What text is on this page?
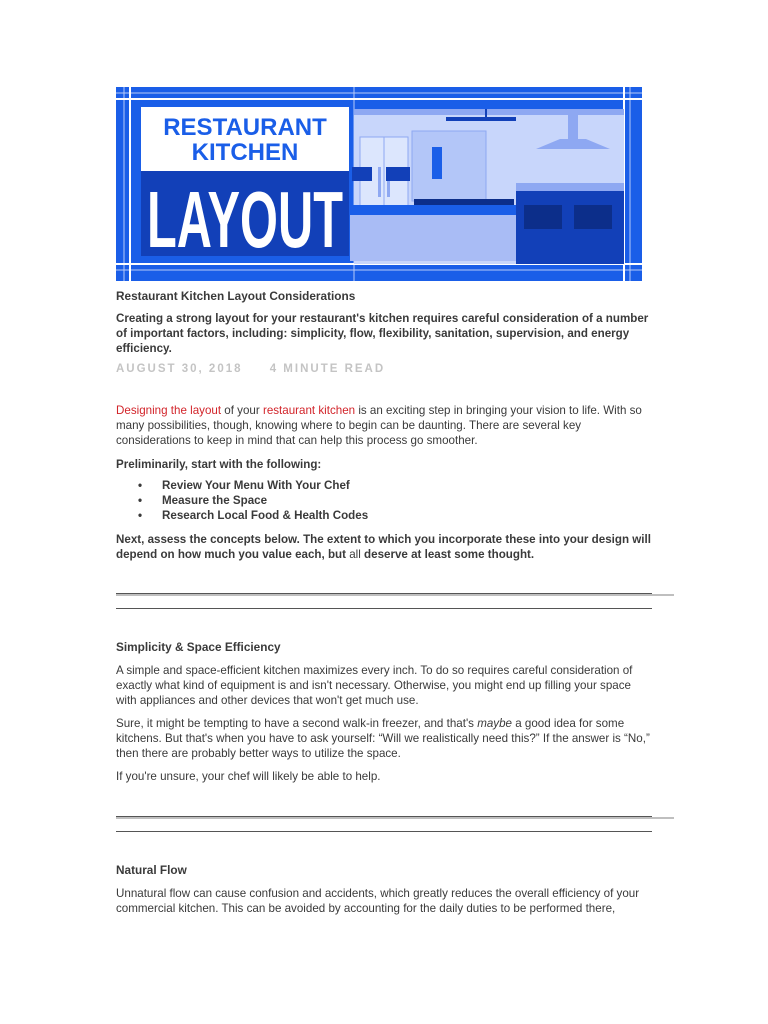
RESTAURANT
KITCHEN
LAYOUT
Restaurant Kitchen Layout Considerations
Creating a strong layout for your restaurant's kitchen requires careful consideration of a number of important factors, including: simplicity, flow, flexibility, sanitation, supervision, and energy efficiency.
AUGUST 30, 2018 4 MINUTE READ
Designing the layout of your restaurant kitchen is an exciting step in bringing your vision to life. With so many possibilities, though, knowing where to begin can be daunting. There are several key considerations to keep in mind that can help this process go smoother.
Preliminarily, start with the following:
• Review Your Menu With Your Chef
• Measure the Space
• Research Local Food & Health Codes
Next, assess the concepts below. The extent to which you incorporate these into your design will depend on how much you value each, but all deserve at least some thought.
Simplicity & Space Efficiency
A simple and space-efficient kitchen maximizes every inch. To do so requires careful consideration of exactly what kind of equipment is and isn't necessary. Otherwise, you might end up filling your space with appliances and other devices that won't get much use.
Sure, it might be tempting to have a second walk-in freezer, and that's maybe a good idea for some kitchens. But that's when you have to ask yourself: “Will we realistically need this?” If the answer is “No,” then there are probably better ways to utilize the space.
If you're unsure, your chef will likely be able to help.
Natural Flow
Unnatural flow can cause confusion and accidents, which greatly reduces the overall efficiency of your commercial kitchen. This can be avoided by accounting for the daily duties to be performed there,
